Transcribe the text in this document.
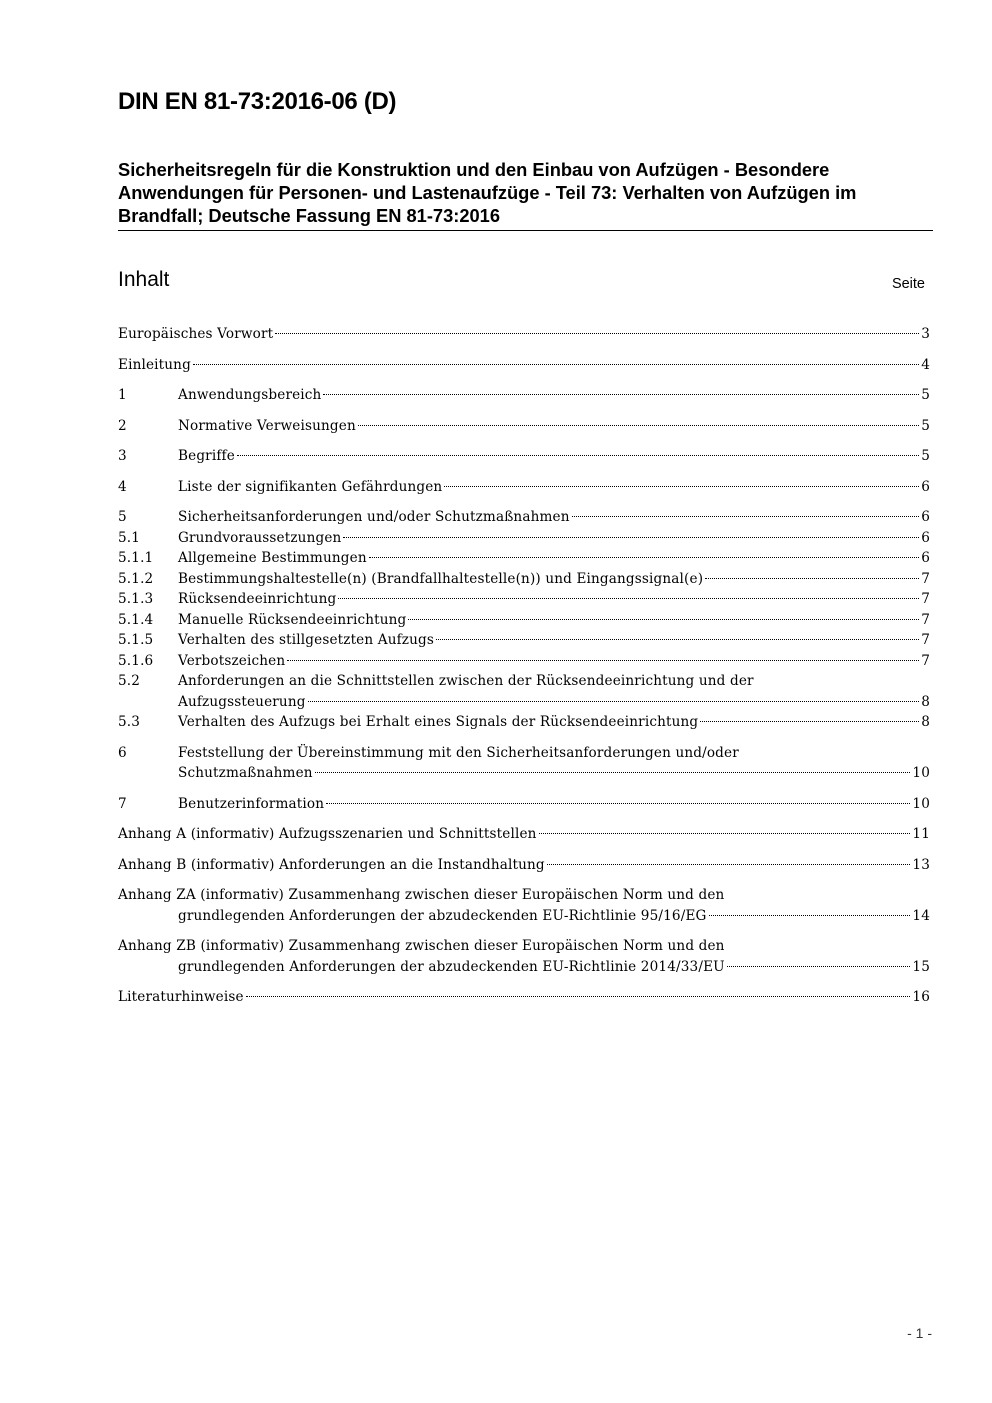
DIN EN 81-73:2016-06 (D)
Sicherheitsregeln für die Konstruktion und den Einbau von Aufzügen - Besondere Anwendungen für Personen- und Lastenaufzüge - Teil 73: Verhalten von Aufzügen im Brandfall; Deutsche Fassung EN 81-73:2016
Inhalt	Seite
Europäisches Vorwort	3
Einleitung	4
1	Anwendungsbereich	5
2	Normative Verweisungen	5
3	Begriffe	5
4	Liste der signifikanten Gefährdungen	6
5	Sicherheitsanforderungen und/oder Schutzmaßnahmen	6
5.1	Grundvoraussetzungen	6
5.1.1	Allgemeine Bestimmungen	6
5.1.2	Bestimmungshaltestelle(n) (Brandfallhaltestelle(n)) und Eingangssignal(e)	7
5.1.3	Rücksendeeinrichtung	7
5.1.4	Manuelle Rücksendeeinrichtung	7
5.1.5	Verhalten des stillgesetzten Aufzugs	7
5.1.6	Verbotszeichen	7
5.2	Anforderungen an die Schnittstellen zwischen der Rücksendeeinrichtung und der
Aufzugssteuerung	8
5.3	Verhalten des Aufzugs bei Erhalt eines Signals der Rücksendeeinrichtung	8
6	Feststellung der Übereinstimmung mit den Sicherheitsanforderungen und/oder
Schutzmaßnahmen	10
7	Benutzerinformation	10
Anhang A (informativ) Aufzugsszenarien und Schnittstellen	11
Anhang B (informativ) Anforderungen an die Instandhaltung	13
Anhang ZA (informativ) Zusammenhang zwischen dieser Europäischen Norm und den
grundlegenden Anforderungen der abzudeckenden EU-Richtlinie 95/16/EG	14
Anhang ZB (informativ) Zusammenhang zwischen dieser Europäischen Norm und den
grundlegenden Anforderungen der abzudeckenden EU-Richtlinie 2014/33/EU	15
Literaturhinweise	16
- 1 -
